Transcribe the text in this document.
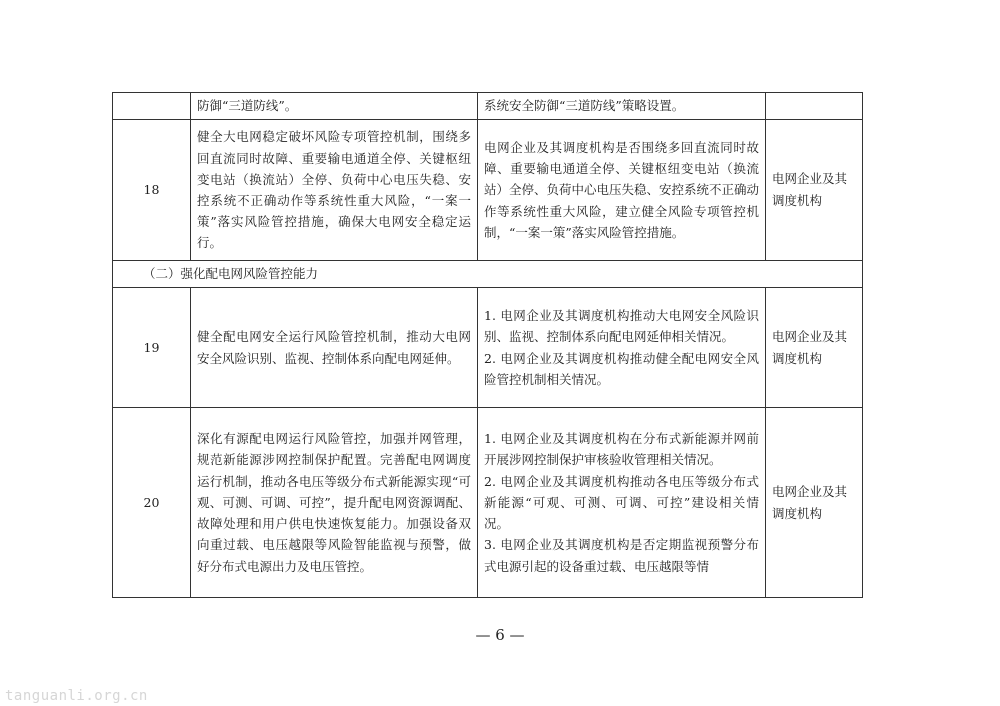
	防御“三道防线”。	系统安全防御“三道防线”策略设置。	

18	健全大电网稳定破坏风险专项管控机制，围绕多回直流同时故障、重要输电通道全停、关键枢纽变电站（换流站）全停、负荷中心电压失稳、安控系统不正确动作等系统性重大风险，“一案一策”落实风险管控措施，确保大电网安全稳定运行。	电网企业及其调度机构是否围绕多回直流同时故障、重要输电通道全停、关键枢纽变电站（换流站）全停、负荷中心电压失稳、安控系统不正确动作等系统性重大风险，建立健全风险专项管控机制，“一案一策”落实风险管控措施。	电网企业及其调度机构
（二）强化配电网风险管控能力			
19	健全配电网安全运行风险管控机制，推动大电网安全风险识别、监视、控制体系向配电网延伸。	1. 电网企业及其调度机构推动大电网安全风险识别、监视、控制体系向配电网延伸相关情况。
2. 电网企业及其调度机构推动健全配电网安全风险管控机制相关情况。	电网企业及其调度机构
20	深化有源配电网运行风险管控，加强并网管理，规范新能源涉网控制保护配置。完善配电网调度运行机制，推动各电压等级分布式新能源实现“可观、可测、可调、可控”，提升配电网资源调配、故障处理和用户供电快速恢复能力。加强设备双向重过载、电压越限等风险智能监视与预警，做好分布式电源出力及电压管控。	1. 电网企业及其调度机构在分布式新能源并网前开展涉网控制保护审核验收管理相关情况。
2. 电网企业及其调度机构推动各电压等级分布式新能源“可观、可测、可调、可控”建设相关情况。
3. 电网企业及其调度机构是否定期监视预警分布式电源引起的设备重过载、电压越限等情	电网企业及其调度机构
— 6 —
tanguanli.org.cn
